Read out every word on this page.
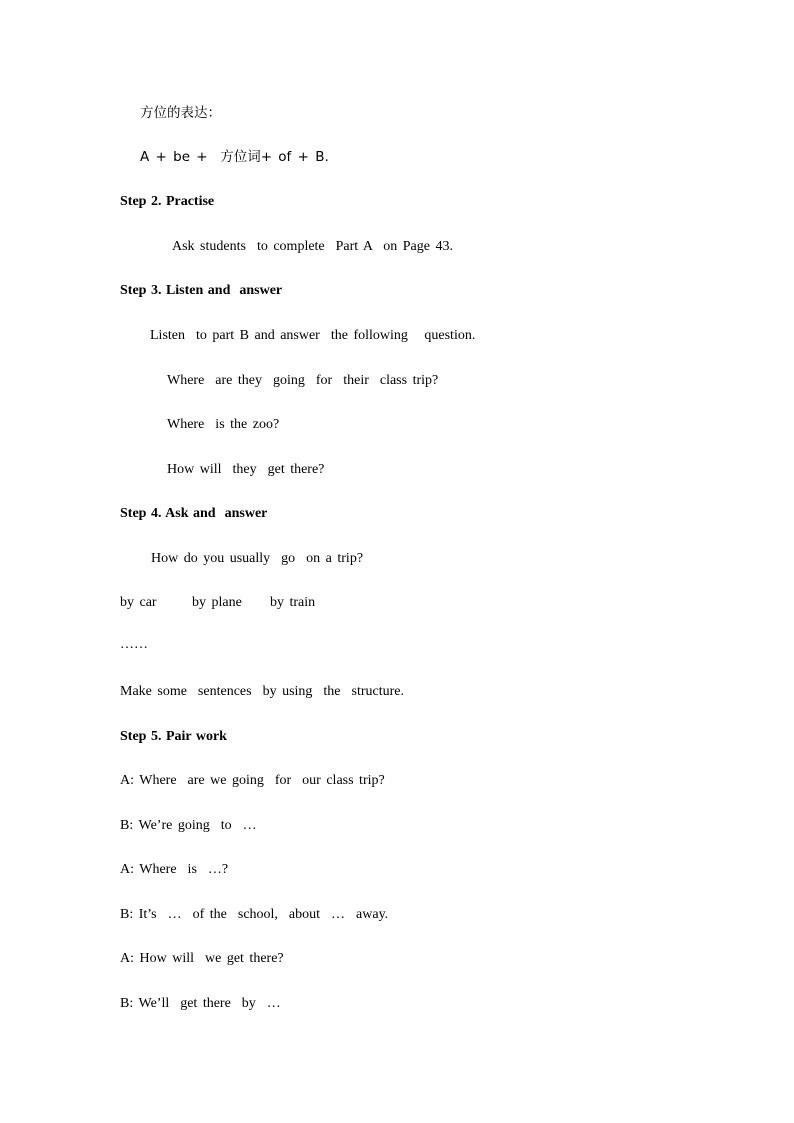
方位的表达：
A + be +  方位词+ of + B.
Step 2. Practise
Ask students  to complete  Part A  on Page 43.
Step 3. Listen and  answer
Listen  to part B and answer  the following   question.
Where  are they  going  for  their  class trip?
Where  is the zoo?
How will  they  get there?
Step 4. Ask and  answer
How do you usually  go  on a trip?
by car	by plane by train
……
Make some  sentences  by using  the  structure.
Step 5. Pair work
A: Where  are we going  for  our class trip?
B: We’re going  to  …
A: Where  is  …?
B: It’s  …  of the  school,  about  …  away.
A: How will  we get there?
B: We’ll  get there  by  …
